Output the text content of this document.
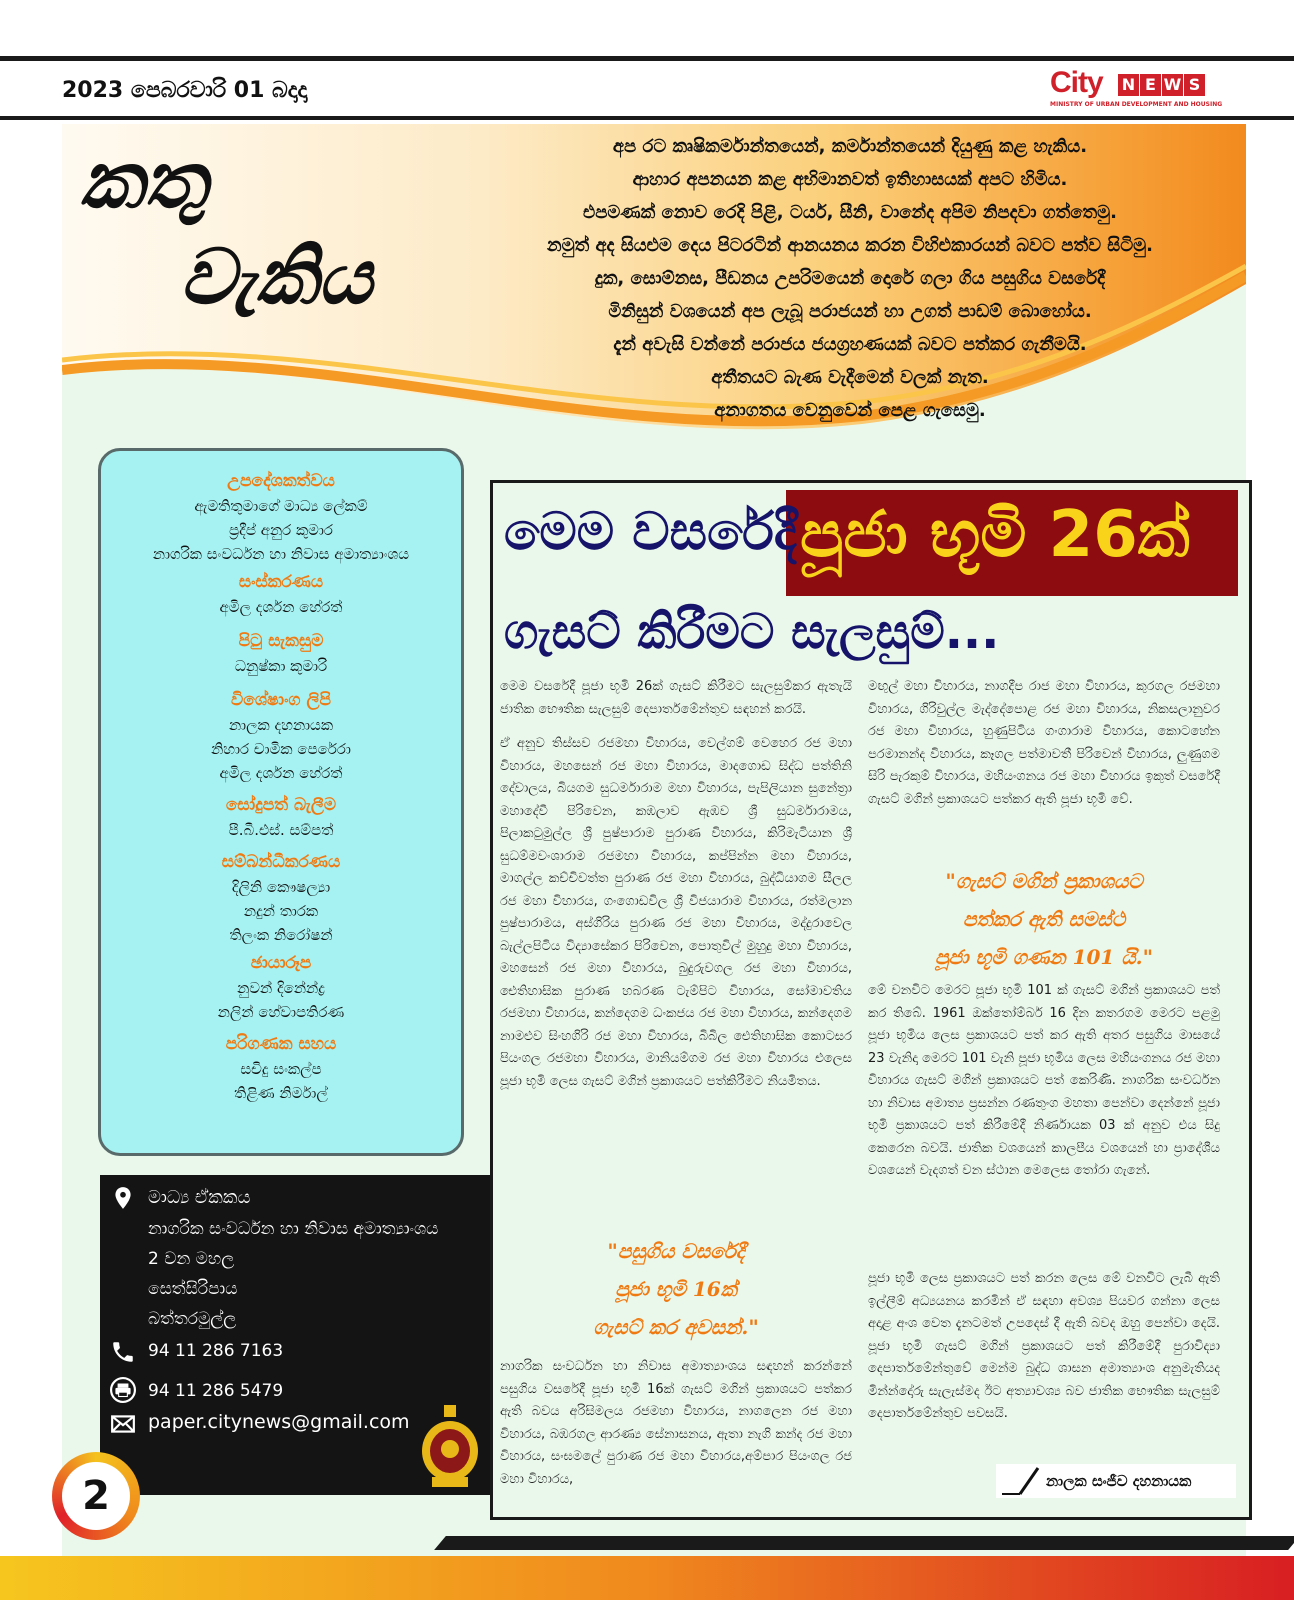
2023 පෙබරවාරි 01 බදාදා	City N E W S
MINISTRY OF URBAN DEVELOPMENT AND HOUSING
කතු
වැකිය
අප රට කෘෂිකර්මාන්තයෙන්, කර්මාන්තයෙන් දියුණු කළ හැකිය.
ආහාර අපනයන කළ අභිමානවත් ඉතිහාසයක් අපට හිමිය.
එපමණක් නොව රෙදි පිළි, ටයර්, සීනි, වානේද අපිම නිපදවා ගත්තෙමු.
නමුත් අද සියළුම දෙය පිටරටින් ආනයනය කරන විහිළුකාරයන් බවට පත්ව සිටිමු.
දුක, සොම්නස, පීඩනය උපරිමයෙන් දොරේ ගලා ගිය පසුගිය වසරේදී
මිනිසුන් වශයෙන් අප ලැබූ පරාජයන් හා උගත් පාඩම් බොහෝය.
දැන් අවැසි වන්නේ පරාජය ජයග්‍රහණයක් බවට පත්කර ගැනීමයි.
අතීතයට බැණ වැදීමෙන් වලක් නැත.
අනාගතය වෙනුවෙන් පෙළ ගැසෙමු.
උපදේශකත්වය
ඇමතිතුමාගේ මාධ්‍ය ලේකම්
ප්‍රදීප් අනුර කුමාර
නාගරික සංවර්ධන හා නිවාස අමාත්‍යාංශය
සංස්කරණය
අමිල දර්ශන හේරත්
පිටු සැකසුම
ධනුෂ්කා කුමාරි
විශේෂාංග ලිපි
නාලක දහනායක
නිහාර චාමික පෙරේරා
අමිල දර්ශන හේරත්
සෝදුපත් බැලීම
පී.බී.එස්. සම්පත්
සම්බන්ධීකරණය
දිලිනි කෞෂල්‍යා
නදුන් තාරක
තිලංක නිරෝෂන්
ඡායාරූප
නුවන් දිනේන්ද්‍ර
නලින් හේවාපතිරණ
පරිගණක සහය
සචිදු සංකල්ප
තිළිණ නිර්මාල්
මාධ්‍ය ඒකකය
නාගරික සංවර්ධන හා නිවාස අමාත්‍යාංශය
2 වන මහල
සෙත්සිරිපාය
බත්තරමුල්ල
94 11 286 7163
94 11 286 5479
paper.citynews@gmail.com
2
මෙම වසරේදී පූජා භූමි 26ක්
ගැසට් කිරීමට සැලසුම්...

මෙම වසරේදී පූජා භූමි 26ක් ගැසට් කිරීමට සැලසුම්කර ඇතැයි ජාතික භෞතික සැලසුම් දෙපාර්තමේන්තුව සඳහන් කරයි.

ඒ අනුව තිස්සව රජමහා විහාරය, වෙල්ගම් වෙහෙර රජ මහා විහාරය, මහසෙන් රජ මහා විහාරය, මාදගොඩ සිද්ධ පත්තිනි දේවාලය, බියගම සුධර්මාරාම මහා විහාරය, පැපිලියාන සුනේත්‍රා මහාදේවී පිරිවෙන, කඹලාව ඇඹව ශ්‍රී සුධර්මාරාමය, පිලාකටුමුල්ල ශ්‍රී පුෂ්පාරාම පුරාණ විහාරය, කිරිමැටියාන ශ්‍රී සුධම්මවංශාරාම රජමහා විහාරය, කප්පින්න මහා විහාරය, මාගල්ල කච්චිවත්ත පුරාණ රජ මහා විහාරය, බුද්ධියාගම සීලල රජ මහා විහාරය, ගංගොඩවිල ශ්‍රී විජයාරාම විහාරය, රත්මලාන පුෂ්පාරාමය, අස්ගිරිය පුරාණ රජ මහා විහාරය, මද්දුරාවෙල බැල්ලපිටිය විද්‍යාසේකර පිරිවෙන, පොතුවිල් මුහුදු මහා විහාරය, මහසෙන් රජ මහා විහාරය, බුදුරුවගල රජ මහා විහාරය, ඓතිහාසික පුරාණ හබරණ ටැම්පිට විහාරය, සෝමාවතිය රජමහා විහාරය, කන්දෙගම ධංකජය රජ මහා විහාරය, කන්දෙගම නාමළුව සිංහගිරි රජ මහා විහාරය, බිබිල ඓතිහාසික කොටසර පියංගල රජමහා විහාරය, මානියම්ගම රජ මහා විහාරය එලෙස පූජා භූමි ලෙස ගැසට් මගින් ප්‍රකාශයට පත්කිරීමට නියමිතය.

"පසුගිය වසරේදී
පූජා භූමි 16ක්
ගැසට් කර අවසන්."

නාගරික සංවර්ධන හා නිවාස අමාත්‍යාංශය සඳහන් කරන්නේ පසුගිය වසරේදී පූජා භූමි 16ක් ගැසට් මගින් ප්‍රකාශයට පත්කර ඇති බවය අරිසිමලය රජමහා විහාරය, නාගලෙන රජ මහා විහාරය, බඹරගල ආරණ්‍ය සේනාසනය, ඇතා නැගි කන්ද රජ මහා විහාරය, සංඝමලේ පුරාණ රජ මහා විහාරය,අම්පාර පියංගල රජ මහා විහාරය,

මඟුල් මහා විහාරය, නාගදීප රාජ මහා විහාරය, කුරගල රජමහා විහාරය, ගිරිවුල්ල මැද්දේපොළ රජ මහා විහාරය, නිකසලානුවර රජ මහා විහාරය, හුණුපිටිය ගංගාරාම විහාරය, කොටහේන පරමානන්ද විහාරය, කෑගල පත්මාවතී පිරිවෙන් විහාරය, ලුණුගම සිරි පැරකුම් විහාරය, මහියංගනය රජ මහා විහාරය ඉකුත් වසරේදී ගැසට් මගින් ප්‍රකාශයට පත්කර ඇති පූජා භූමි වේ.

"ගැසට් මගින් ප්‍රකාශයට
පත්කර ඇති සමස්ථ
පූජා භූමි ගණන 101 යි."

මේ වනවිට මෙරට පූජා භූමි 101 ක් ගැසට් මගින් ප්‍රකාශයට පත් කර තිබේ. 1961 ඔක්තෝම්බර් 16 දින කතරගම මෙරට පළමු පූජා භූමිය ලෙස ප්‍රකාශයට පත් කර ඇති අතර පසුගිය මාසයේ 23 වැනිදා මෙරට 101 වැනි පූජා භූමිය ලෙස මහියංගනය රජ මහා විහාරය ගැසට් මගින් ප්‍රකාශයට පත් කෙරිණි. නාගරික සංවර්ධන හා නිවාස අමාත්‍ය ප්‍රසන්න රණතුංග මහතා පෙන්වා දෙන්නේ පූජා භූමි ප්‍රකාශයට පත් කිරීමේදී නිර්ණායක 03 ක් අනුව එය සිදු කෙරෙන බවයි. ජාතික වශයෙන් කාලපීය වශයෙන් හා ප්‍රාදේශීය වශයෙන් වැදගත් වන ස්ථාන මෙලෙස තෝරා ගැනේ.

පූජා භූමි ලෙස ප්‍රකාශයට පත් කරන ලෙස මේ වනවිට ලැබී ඇති ඉල්ලීම් අධ්‍යයනය කරමින් ඒ සඳහා අවශ්‍ය පියවර ගන්නා ලෙස අදාළ අංශ වෙත දැනටමත් උපදෙස් දී ඇති බවද ඔහු පෙන්වා දෙයි. පූජා භූමි ගැසට් මගින් ප්‍රකාශයට පත් කිරීමේදී පුරාවිද්‍යා දෙපාර්තමේන්තුවේ මෙන්ම බුද්ධ ශාසන අමාත්‍යාංශ අනුමැතියද මින්න්දෝරු සැලැස්මද ඊට අත්‍යාවශ්‍ය බව ජාතික භෞතික සැලසුම් දෙපාර්තමේන්තුව පවසයි.

නාලක සංජීව දහනායක
